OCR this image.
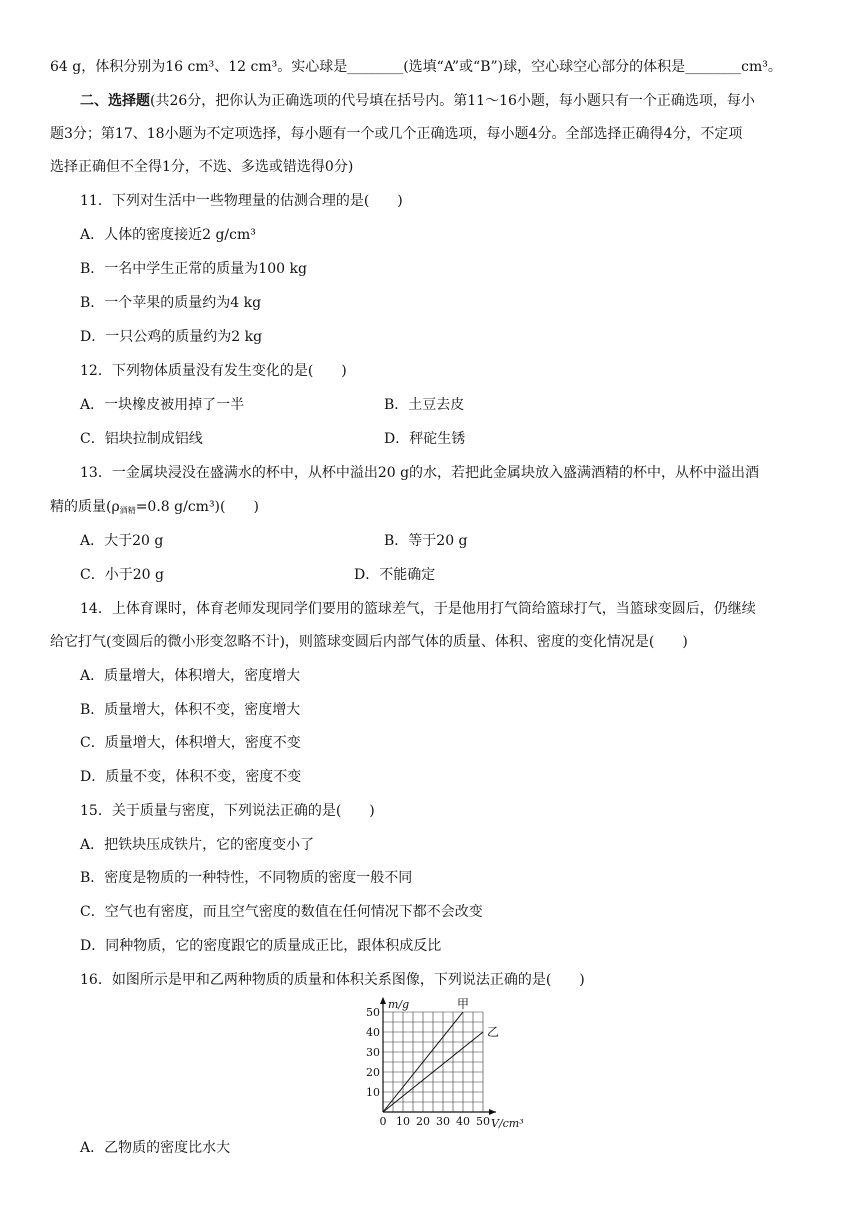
64 g，体积分别为16 cm³、12 cm³。实心球是________(选填“A”或“B”)球，空心球空心部分的体积是________cm³。
二、选择题(共26分，把你认为正确选项的代号填在括号内。第11～16小题，每小题只有一个正确选项，每小
题3分；第17、18小题为不定项选择，每小题有一个或几个正确选项，每小题4分。全部选择正确得4分，不定项
选择正确但不全得1分，不选、多选或错选得0分)
11．下列对生活中一些物理量的估测合理的是(　　)
A．人体的密度接近2 g/cm³
B．一名中学生正常的质量为100 kg
B．一个苹果的质量约为4 kg
D．一只公鸡的质量约为2 kg
12．下列物体质量没有发生变化的是(　　)
A．一块橡皮被用掉了一半	B．土豆去皮
C．铝块拉制成铝线	D．秤砣生锈
13．一金属块浸没在盛满水的杯中，从杯中溢出20 g的水，若把此金属块放入盛满酒精的杯中，从杯中溢出酒
精的质量($\rho_{酒精}=0.8$ g/cm³)(　　)
A．大于20 g	B．等于20 g
C．小于20 g	D．不能确定
14．上体育课时，体育老师发现同学们要用的篮球差气，于是他用打气筒给篮球打气，当篮球变圆后，仍继续
给它打气(变圆后的微小形变忽略不计)，则篮球变圆后内部气体的质量、体积、密度的变化情况是(　　)
A．质量增大，体积增大，密度增大
B．质量增大，体积不变，密度增大
C．质量增大，体积增大，密度不变
D．质量不变，体积不变，密度不变
15．关于质量与密度，下列说法正确的是(　　)
A．把铁块压成铁片，它的密度变小了
B．密度是物质的一种特性，不同物质的密度一般不同
C．空气也有密度，而且空气密度的数值在任何情况下都不会改变
D．同种物质，它的密度跟它的质量成正比，跟体积成反比
16．如图所示是甲和乙两种物质的质量和体积关系图像，下列说法正确的是(　　)
甲
乙
0 10 20 30 40 50
10
20
30
40
50
m/g
V/cm³
A．乙物质的密度比水大
